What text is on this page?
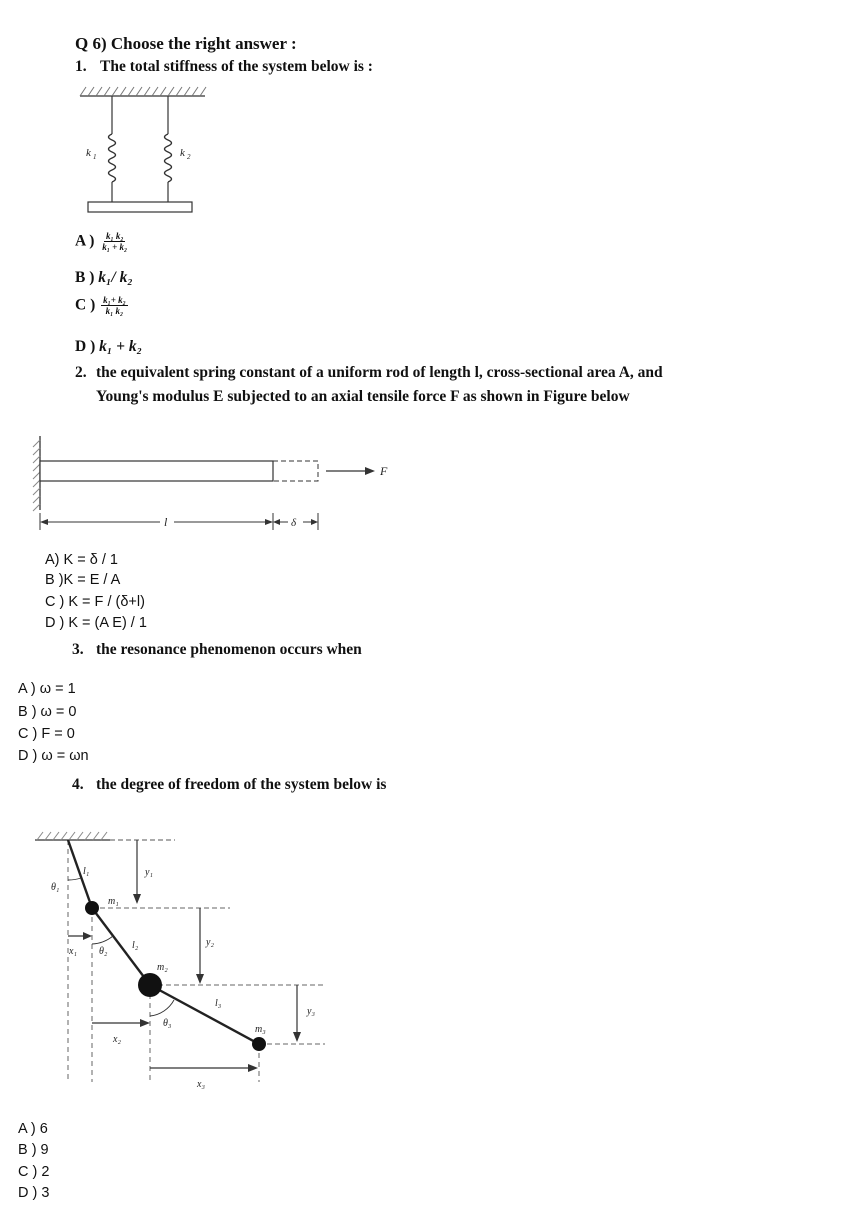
Q 6) Choose the right answer :
1. The total stiffness of the system below is :
k 1	k 2
A ) $\frac{\text{k₁ k₂}}{\text{k₁ + k₂}}$
B ) k₁/ k₂
C ) $\frac{\text{k₁+ k₂}}{\text{k₁ k₂}}$
D ) k₁ + k₂
2. the equivalent spring constant of a uniform rod of length l, cross-sectional area A, and
Young's modulus E subjected to an axial tensile force F as shown in Figure below
F
l	δ
A) K = δ / 1
B )K = E / A
C ) K = F / (δ+l)
D ) K = (A E) / 1
3. the resonance phenomenon occurs when
A ) ω = 1
B ) ω = 0
C ) F = 0
D ) ω = ωn
4. the degree of freedom of the system below is
l₁
l₂
l₃
m₁
m₂
m₃
y₁
y₂
y₃
x₁
x₂
x₃
θ₁
θ₂
θ₃
A ) 6
B ) 9
C ) 2
D ) 3
